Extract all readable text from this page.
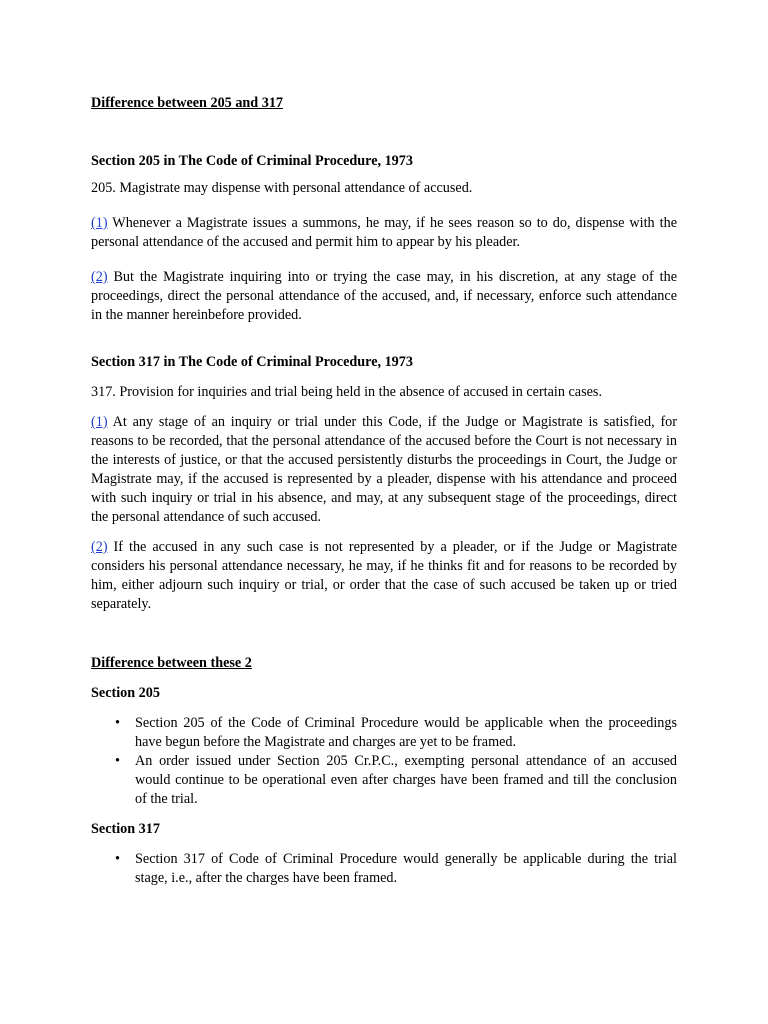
Difference between 205 and 317

Section 205 in The Code of Criminal Procedure, 1973

205. Magistrate may dispense with personal attendance of accused.

(1) Whenever a Magistrate issues a summons, he may, if he sees reason so to do, dispense with the personal attendance of the accused and permit him to appear by his pleader.

(2) But the Magistrate inquiring into or trying the case may, in his discretion, at any stage of the proceedings, direct the personal attendance of the accused, and, if necessary, enforce such attendance in the manner hereinbefore provided.

Section 317 in The Code of Criminal Procedure, 1973

317. Provision for inquiries and trial being held in the absence of accused in certain cases.

(1) At any stage of an inquiry or trial under this Code, if the Judge or Magistrate is satisfied, for reasons to be recorded, that the personal attendance of the accused before the Court is not necessary in the interests of justice, or that the accused persistently disturbs the proceedings in Court, the Judge or Magistrate may, if the accused is represented by a pleader, dispense with his attendance and proceed with such inquiry or trial in his absence, and may, at any subsequent stage of the proceedings, direct the personal attendance of such accused.

(2) If the accused in any such case is not represented by a pleader, or if the Judge or Magistrate considers his personal attendance necessary, he may, if he thinks fit and for reasons to be recorded by him, either adjourn such inquiry or trial, or order that the case of such accused be taken up or tried separately.

Difference between these 2

Section 205

• Section 205 of the Code of Criminal Procedure would be applicable when the proceedings have begun before the Magistrate and charges are yet to be framed.
• An order issued under Section 205 Cr.P.C., exempting personal attendance of an accused would continue to be operational even after charges have been framed and till the conclusion of the trial.

Section 317

• Section 317 of Code of Criminal Procedure would generally be applicable during the trial stage, i.e., after the charges have been framed.
